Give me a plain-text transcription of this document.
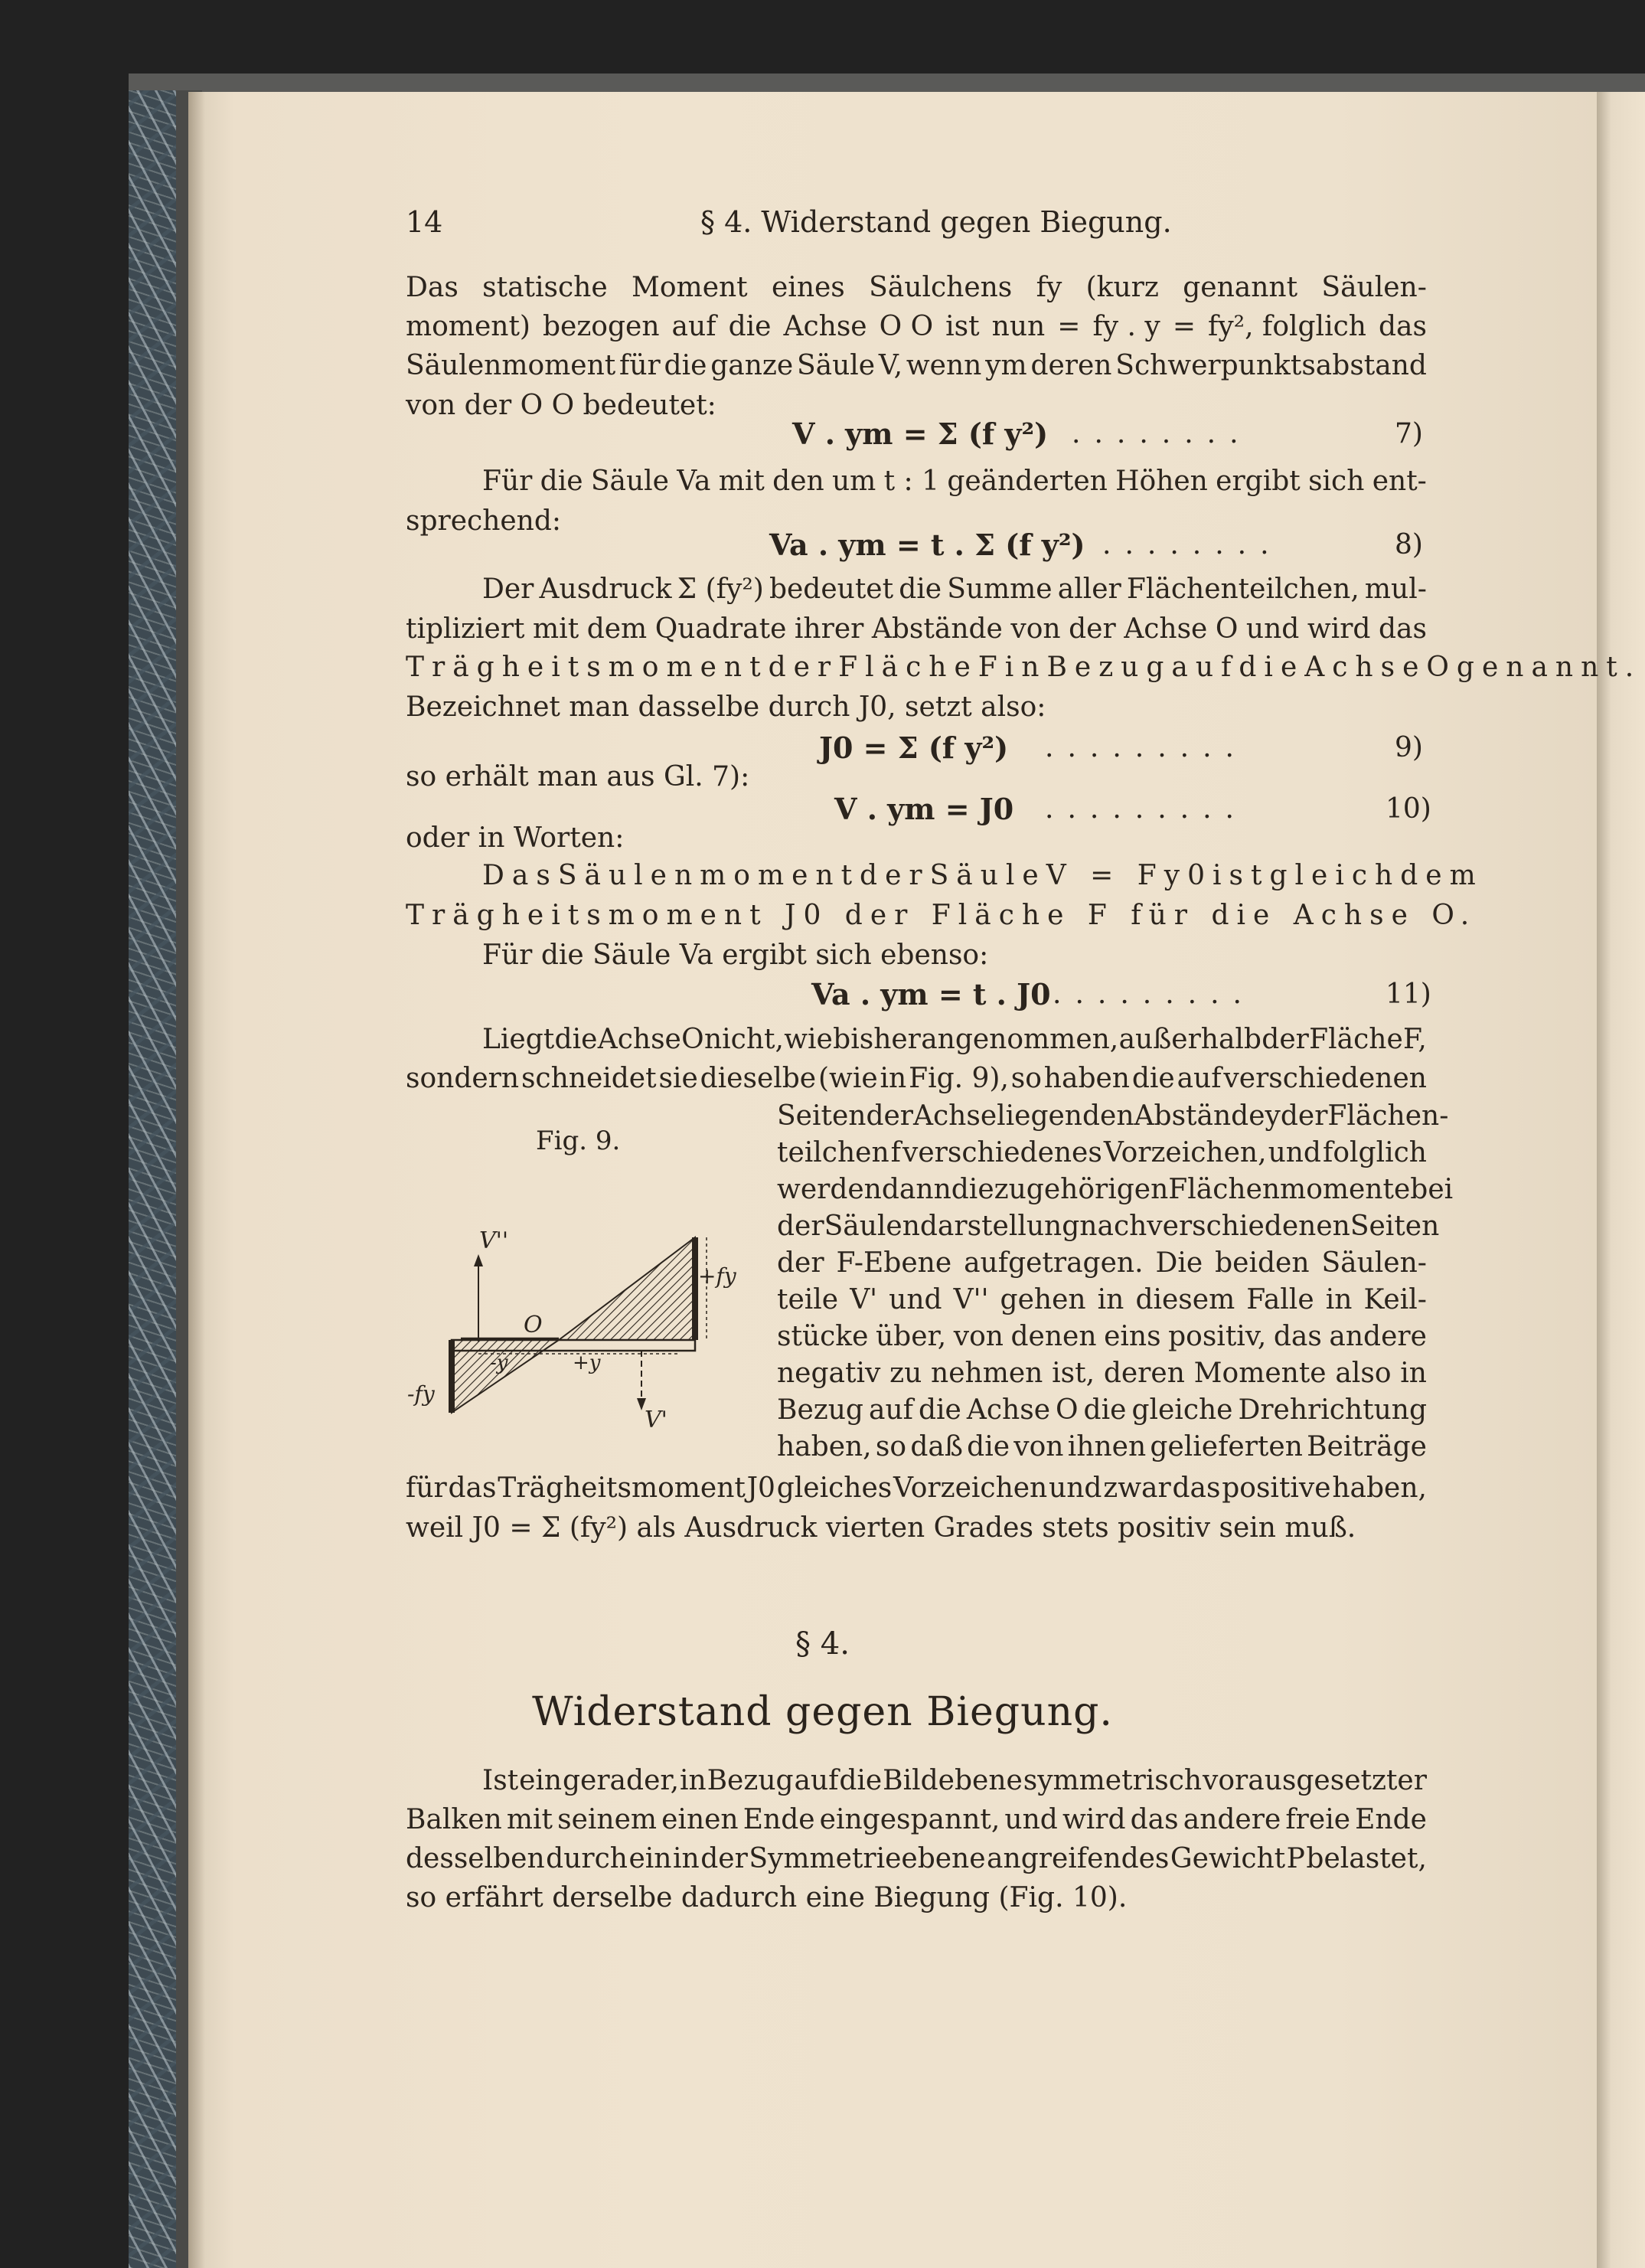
14	§ 4. Widerstand gegen Biegung.
Das statische Moment eines Säulchens fy (kurz genannt Säulen-
moment) bezogen auf die Achse O O ist nun = fy . y = fy², folglich das
Säulenmoment für die ganze Säule V, wenn ym deren Schwerpunktsabstand
von der O O bedeutet:
V . ym = Σ (f y²) ........	7)
Für die Säule Va mit den um t : 1 geänderten Höhen ergibt sich ent-
sprechend:
Va . ym = t . Σ (f y²) ........	8)
Der Ausdruck Σ (fy²) bedeutet die Summe aller Flächenteilchen, mul-
tipliziert mit dem Quadrate ihrer Abstände von der Achse O und wird das
Trägheitsmoment der Fläche F in Bezug auf die Achse O genannt.
Bezeichnet man dasselbe durch J0, setzt also:
J0 = Σ (f y²) .........	9)
so erhält man aus Gl. 7):
V . ym = J0 .........	10)
oder in Worten:
Das Säulenmoment der Säule V = Fy0 ist gleich dem
Trägheitsmoment J0 der Fläche F für die Achse O.
Für die Säule Va ergibt sich ebenso:
Va . ym = t . J0 .........	11)
Liegt die Achse O nicht, wie bisher angenommen, außerhalb der Fläche F,
sondern schneidet sie dieselbe (wie in Fig. 9), so haben die auf verschiedenen
Seiten der Achse liegenden Abstände y der Flächen-
teilchen f verschiedenes Vorzeichen, und folglich
werden dann die zugehörigen Flächenmomente bei
der Säulendarstellung nach verschiedenen Seiten
der F-Ebene aufgetragen. Die beiden Säulen-
teile V' und V'' gehen in diesem Falle in Keil-
stücke über, von denen eins positiv, das andere
negativ zu nehmen ist, deren Momente also in
Bezug auf die Achse O die gleiche Drehrichtung
haben, so daß die von ihnen gelieferten Beiträge
für das Trägheitsmoment J0 gleiches Vorzeichen und zwar das positive haben,
weil J0 = Σ (fy²) als Ausdruck vierten Grades stets positiv sein muß.
Fig. 9.
V''
V'
+fy
-fy
O
-y	+y
§ 4.
Widerstand gegen Biegung.
Ist ein gerader, in Bezug auf die Bildebene symmetrisch vorausgesetzter
Balken mit seinem einen Ende eingespannt, und wird das andere freie Ende
desselben durch ein in der Symmetrieebene angreifendes Gewicht P belastet,
so erfährt derselbe dadurch eine Biegung (Fig. 10).
